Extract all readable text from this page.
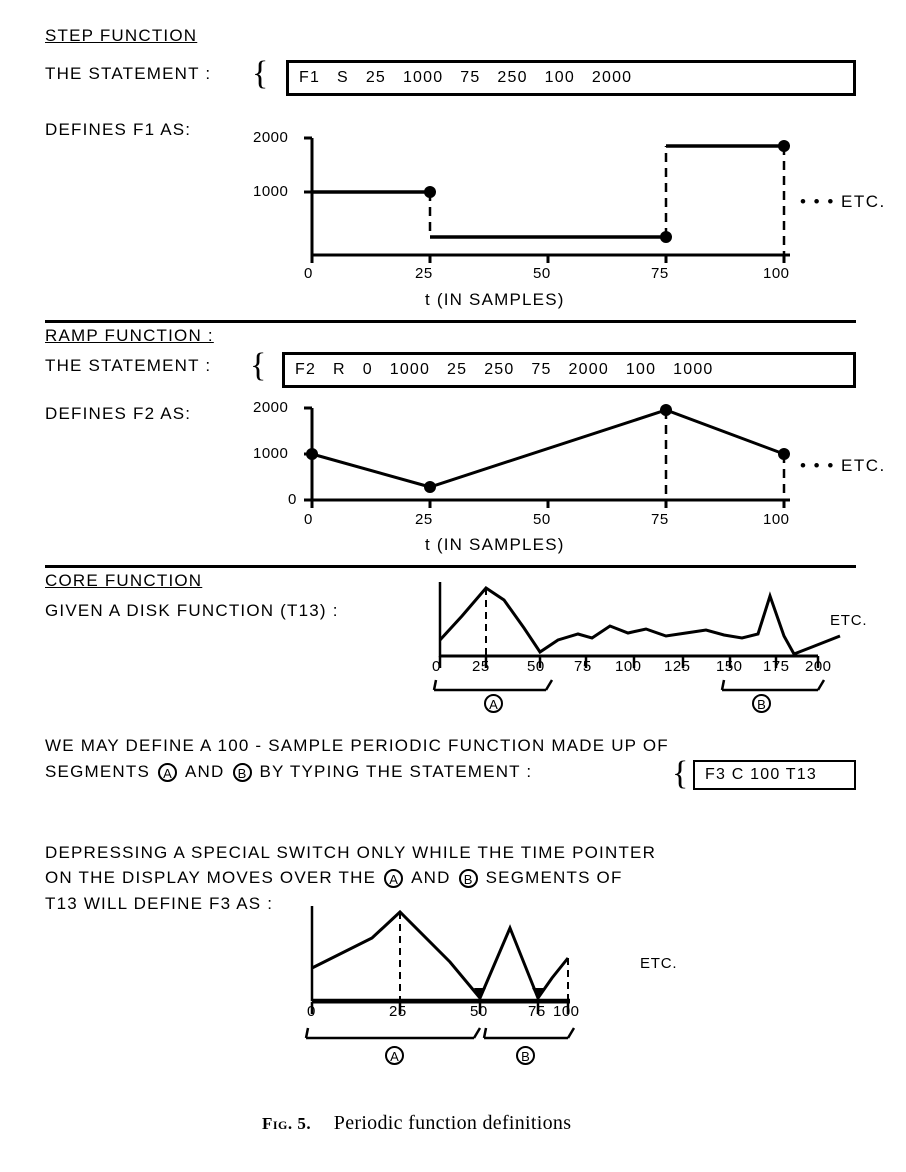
STEP FUNCTION
THE STATEMENT : {	F1   S   25   1000   75   250   100   2000
DEFINES F1 AS:	2000
1000
0	25	50	75	100
• • • ETC.
t (IN SAMPLES)
RAMP FUNCTION :
THE STATEMENT : {	F2   R   0   1000   25   250   75   2000   100   1000
DEFINES F2 AS:	2000
1000
0
0	25	50	75	100
• • • ETC.
t (IN SAMPLES)
CORE FUNCTION
GIVEN A DISK FUNCTION (T13) :
ETC.
0 25 50 75 100 125 150 175 200
A	B
WE MAY DEFINE A 100 - SAMPLE PERIODIC FUNCTION MADE UP OF
SEGMENTS	A AND	B BY TYPING THE STATEMENT :	{	F3 C 100 T13
DEPRESSING A SPECIAL SWITCH ONLY WHILE THE TIME POINTER
ON THE DISPLAY MOVES OVER THE	A AND	B SEGMENTS OF
T13 WILL DEFINE F3 AS :
0	25	50	75 100
A	B
ETC.
Fig. 5. Periodic function definitions
